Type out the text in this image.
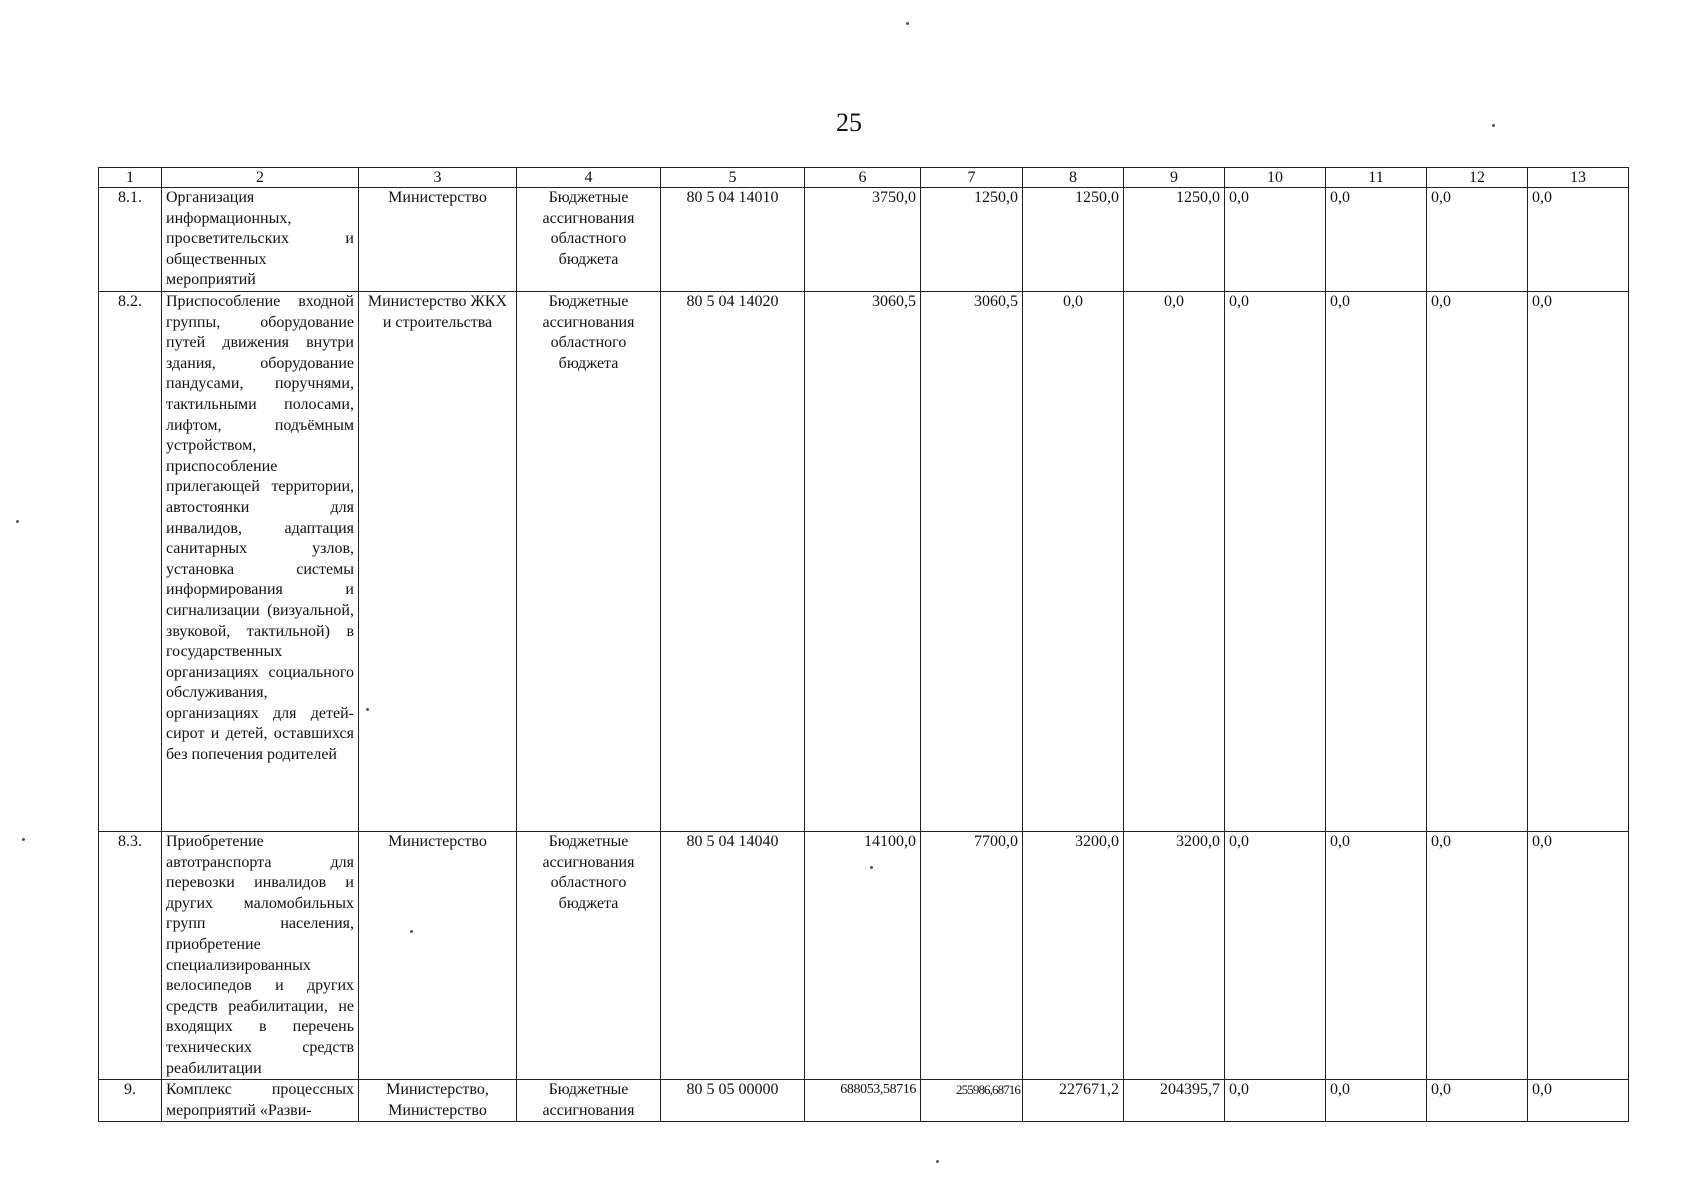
25
1	2	3	4	5	6	7	8	9	10	11	12	13
8.1.	Организация информационных, просветительских и общественных мероприятий	Министерство	Бюджетные ассигнования областного бюджета	80 5 04 14010	3750,0	1250,0	1250,0	1250,0	0,0	0,0	0,0	0,0
8.2.	Приспособление входной группы, оборудование путей движения внутри здания, оборудование пандусами, поручнями, тактильными полосами, лифтом, подъёмным устройством, приспособление прилегающей территории, автостоянки для инвалидов, адаптация санитарных узлов, установка системы информирования и сигнализации (визуальной, звуковой, тактильной) в государственных организациях социального обслуживания, организациях для детей-сирот и детей, оставшихся без попечения родителей	Министерство ЖКХ и строительства	Бюджетные ассигнования областного бюджета	80 5 04 14020	3060,5	3060,5	0,0	0,0	0,0	0,0	0,0	0,0
8.3.	Приобретение автотранспорта для перевозки инвалидов и других маломобильных групп населения, приобретение специализированных велосипедов и других средств реабилитации, не входящих в перечень технических средств реабилитации	Министерство	Бюджетные ассигнования областного бюджета	80 5 04 14040	14100,0	7700,0	3200,0	3200,0	0,0	0,0	0,0	0,0
9.	Комплекс процессных мероприятий «Разви-	Министерство, Министерство	Бюджетные ассигнования	80 5 05 00000	688053,58716	255986,68716	227671,2	204395,7	0,0	0,0	0,0	0,0
